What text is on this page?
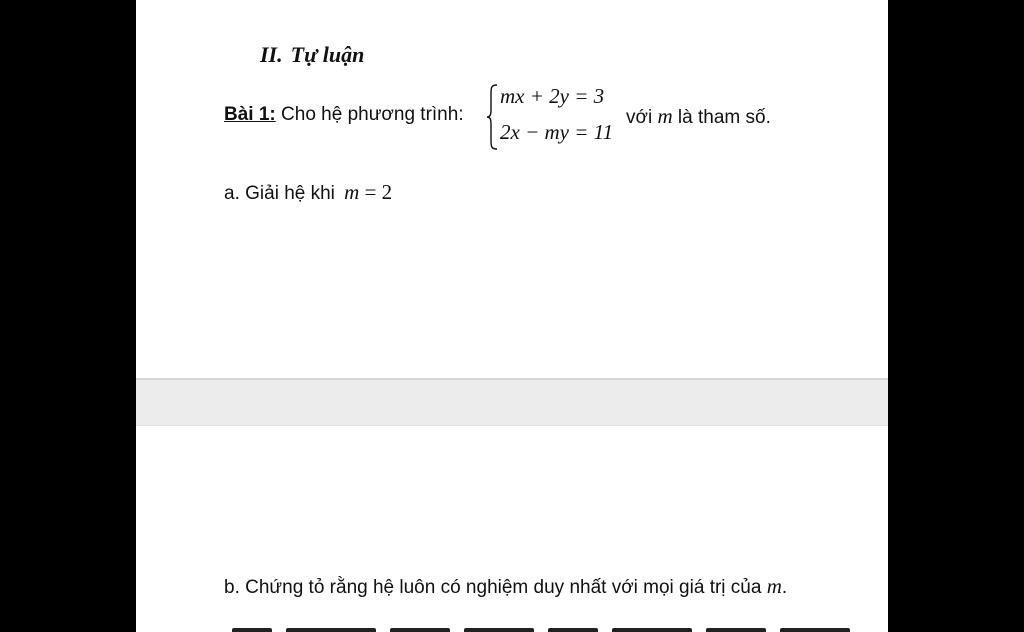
II. Tự luận
Bài 1: Cho hệ phương trình:
mx + 2y = 3
2x − my = 11
với m là tham số.
a. Giải hệ khi m = 2
b. Chứng tỏ rằng hệ luôn có nghiệm duy nhất với mọi giá trị của m.
